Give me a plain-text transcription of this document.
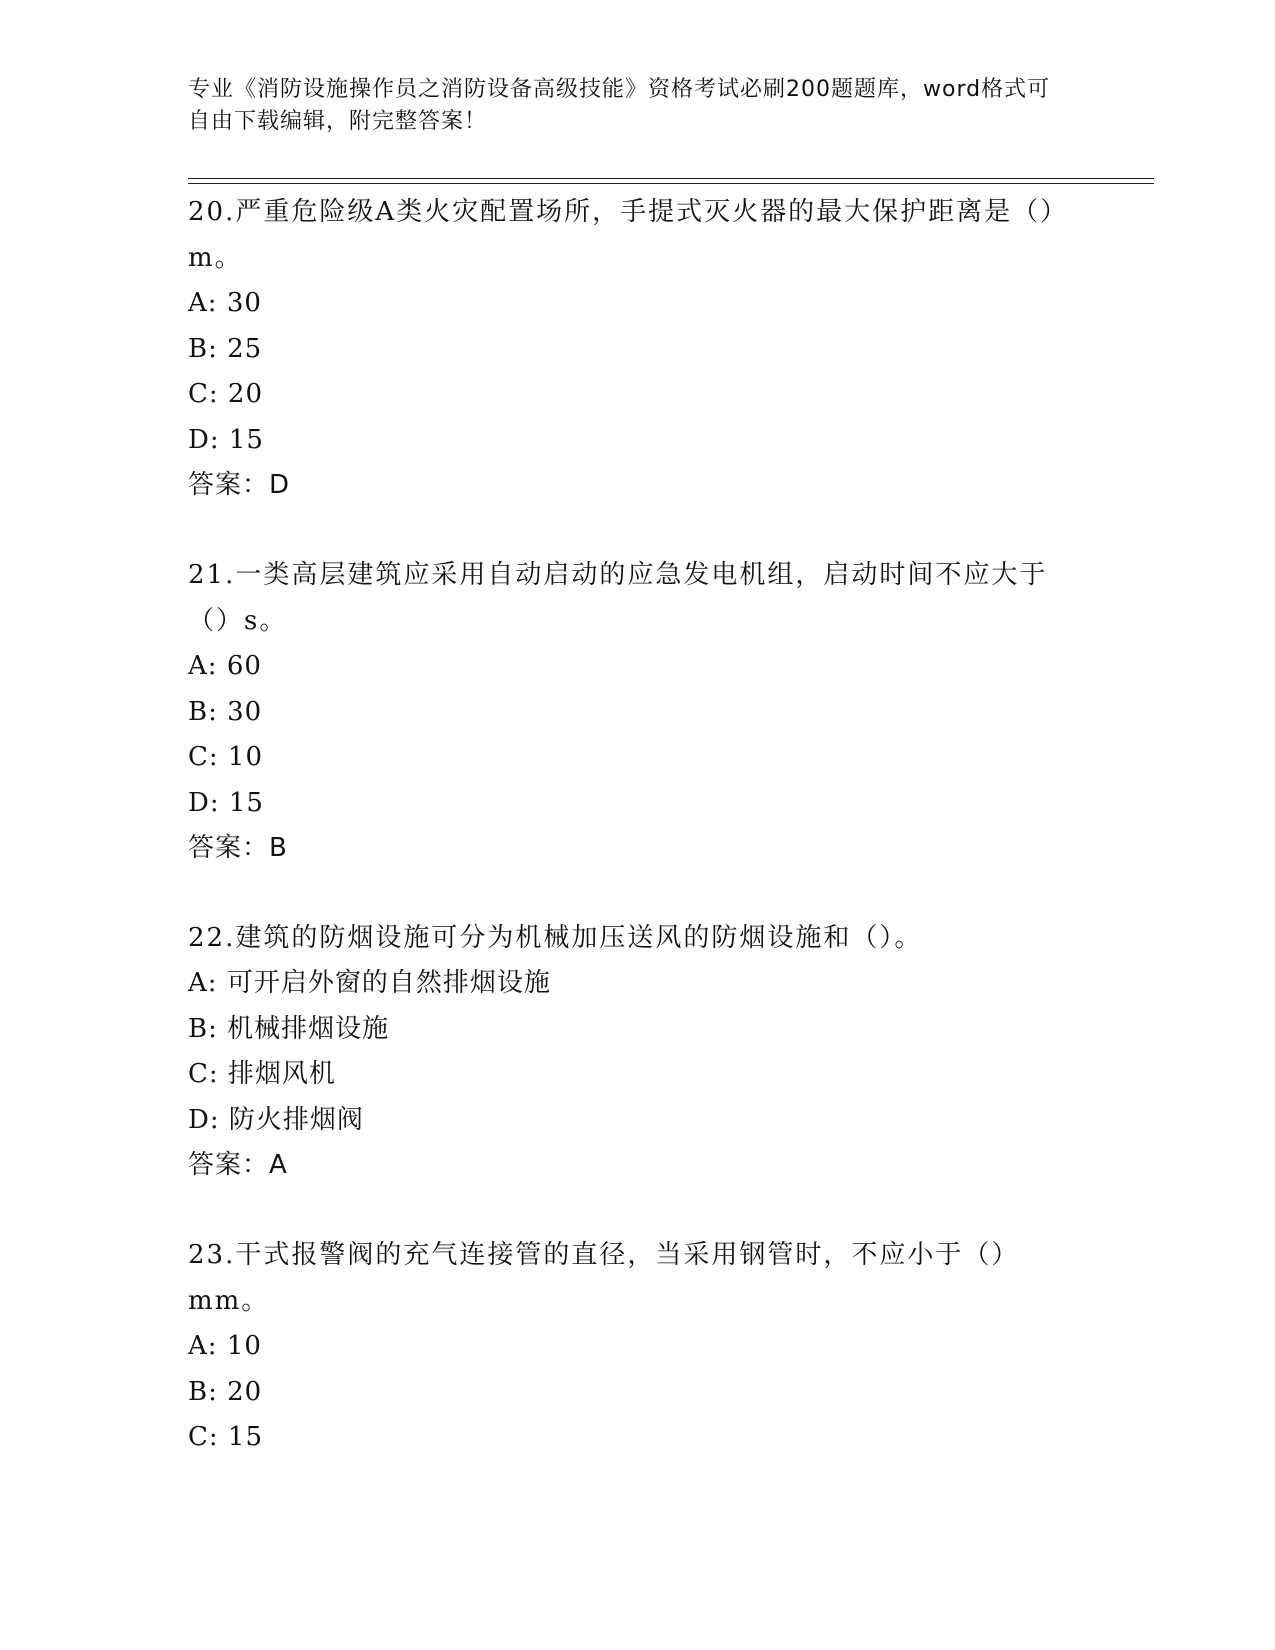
专业《消防设施操作员之消防设备高级技能》资格考试必刷200题题库，word格式可自由下载编辑，附完整答案！

20.严重危险级A类火灾配置场所，手提式灭火器的最大保护距离是（）m。

A: 30

B: 25

C: 20

D: 15

答案：D

21.一类高层建筑应采用自动启动的应急发电机组，启动时间不应大于（）s。

A: 60

B: 30

C: 10

D: 15

答案：B

22.建筑的防烟设施可分为机械加压送风的防烟设施和（）。

A: 可开启外窗的自然排烟设施

B: 机械排烟设施

C: 排烟风机

D: 防火排烟阀

答案：A

23.干式报警阀的充气连接管的直径，当采用钢管时，不应小于（）mm。

A: 10

B: 20

C: 15
